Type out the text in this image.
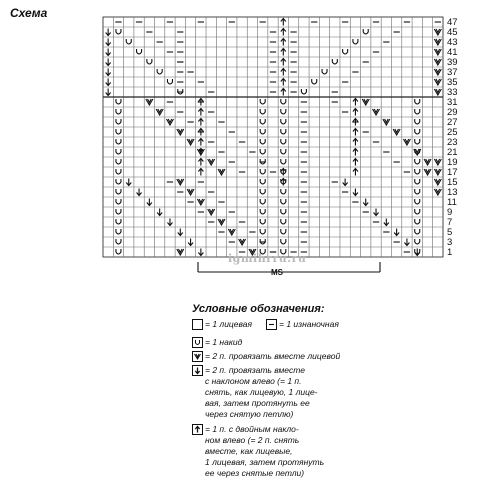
Схема
1
3
5
7
9
11
13
15
17
19
21
23
25
27
29
31
33
35
37
39
41
43
45
47
igmihrru.ru
MS
Условные обозначения:
= 1 лицевая	= 1 изнаночная
= 1 накид
= 2 п. провязать вместе лицевой
= 2 п. провязать вместе
с наклоном влево (= 1 п.
снять, как лицевую, 1 лице-
вая, затем протянуть ее
через снятую петлю)
= 1 п. с двойным накло-
ном влево (= 2 п. снять
вместе, как лицевые,
1 лицевая, затем протянуть
ее через снятые петли)
